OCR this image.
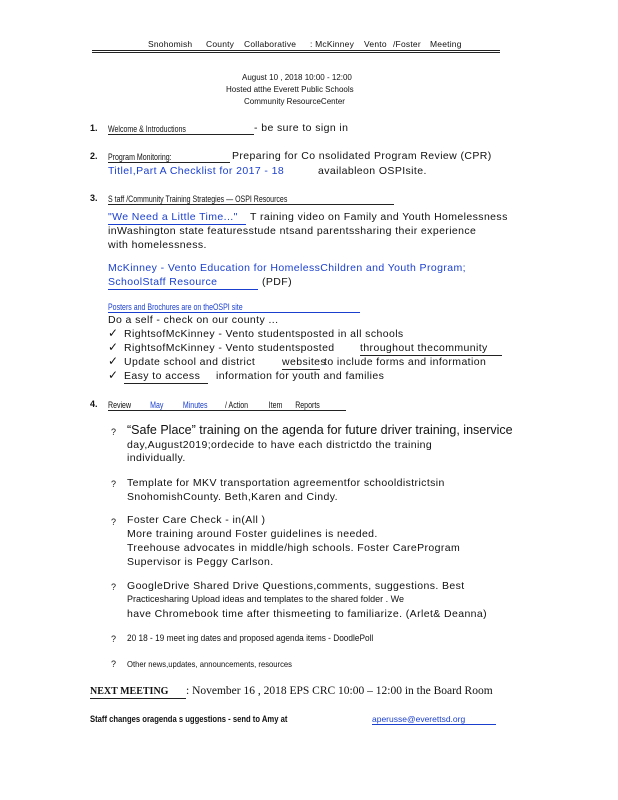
Snohomish County Collaborative : McKinney Vento /Foster Meeting
August 10 , 2018 10:00 - 12:00
Hosted atthe Everett Public Schools
Community ResourceCenter
1. Welcome & Introductions	- be sure to sign in
2. Program Monitoring:	Preparing for Co nsolidated Program Review (CPR)
TitleI,Part A Checklist for 2017 - 18	availableon OSPIsite.
3. S taff /Community Training Strategies — OSPI Resources
"We Need a Little Time..." T raining video on Family and Youth Homelessness
inWashington state featuresstude ntsand parentssharing their experience
with homelessness.
McKinney - Vento Education for HomelessChildren and Youth Program;
SchoolStaff Resource	(PDF)
Posters and Brochures are on theOSPI site
Do a self - check on our county ...
✓ RightsofMcKinney - Vento studentsposted in all schools
✓ RightsofMcKinney - Vento studentsposted throughout thecommunity
✓ Update school and district	websites
to include forms and information
✓ Easy to access information for youth and families
4. Review May Minutes / Action Item Reports
? “Safe Place” training on the agenda for future driver training, inservice
day,August2019;ordecide to have each districtdo the training
individually.
? Template for MKV transportation agreementfor schooldistrictsin
SnohomishCounty. Beth,Karen and Cindy.
? Foster Care Check - in(All )
More training around Foster guidelines is needed.
Treehouse advocates in middle/high schools. Foster CareProgram
Supervisor is Peggy Carlson.
? GoogleDrive Shared Drive Questions,comments, suggestions. Best
Practicesharing Upload ideas and templates to the shared folder . We
have Chromebook time after thismeeting to familiarize. (Arlet& Deanna)
? 20 18 - 19 meet ing dates and proposed agenda items - DoodlePoll
? Other news,updates, announcements, resources
NEXT MEETING : November 16 , 2018 EPS CRC 10:00 – 12:00 in the Board Room
Staff changes oragenda s uggestions - send to Amy at	aperusse@everettsd.org
